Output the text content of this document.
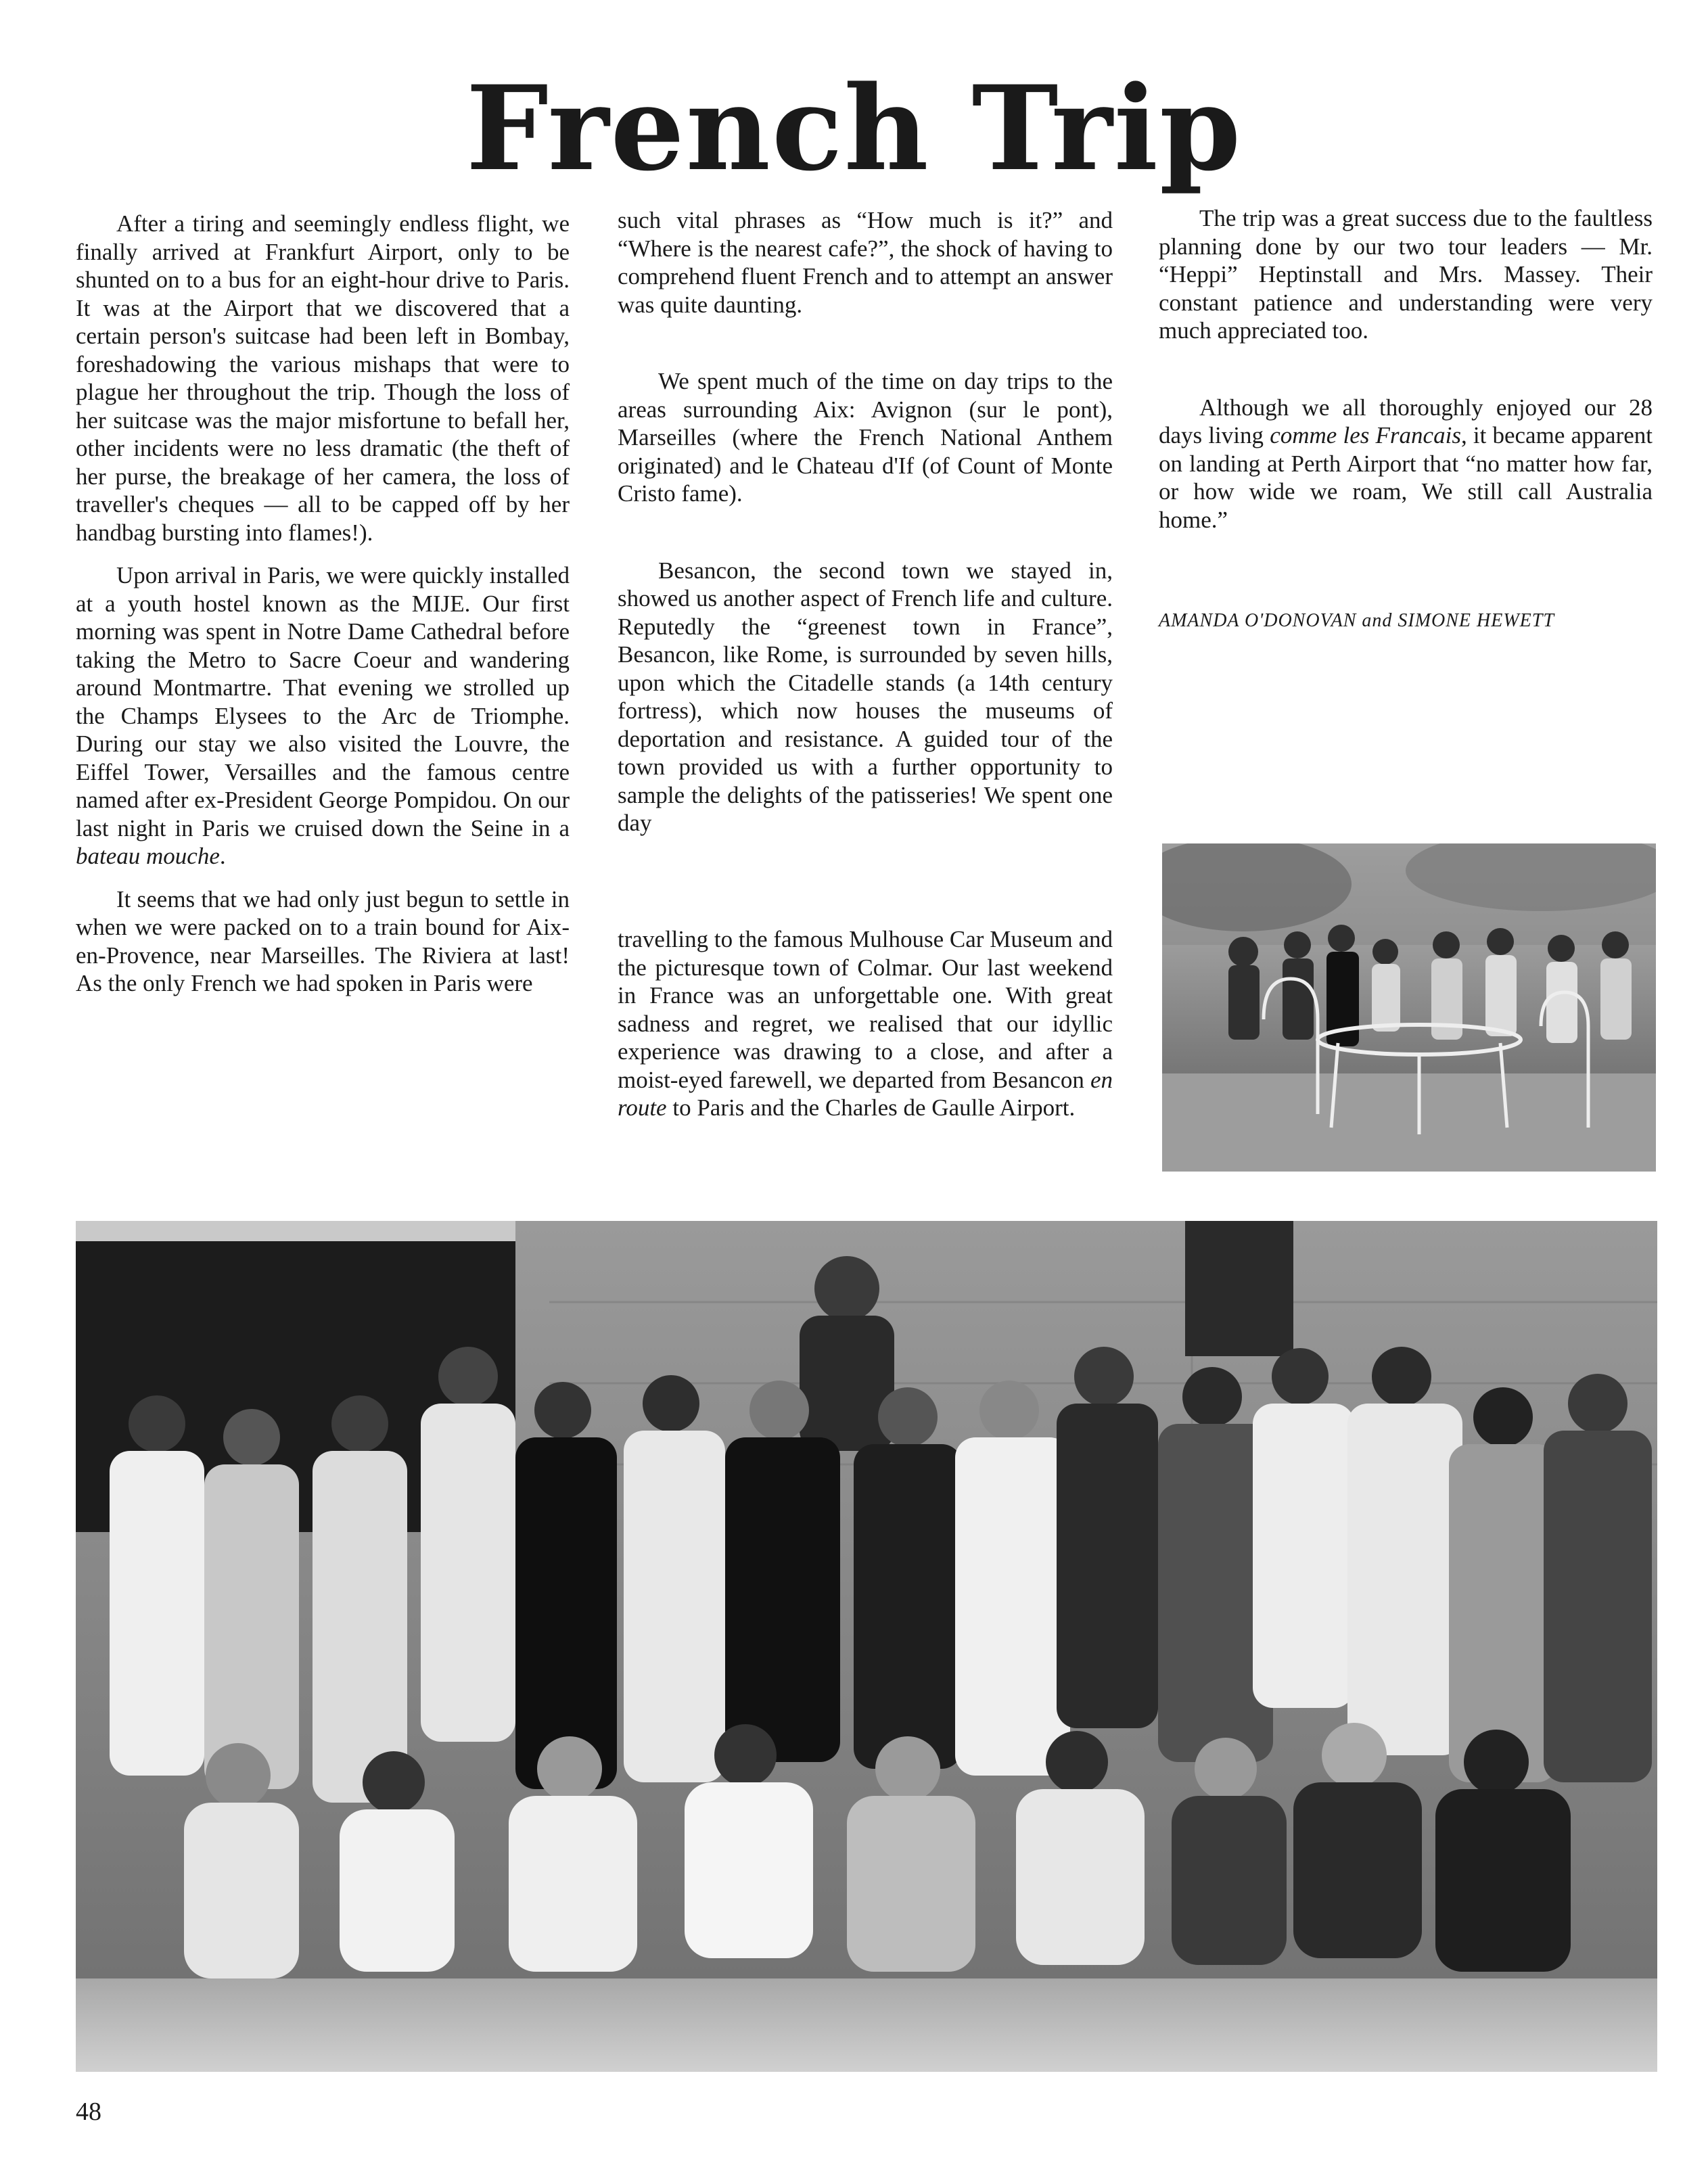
French Trip

After a tiring and seemingly endless flight, we finally arrived at Frankfurt Airport, only to be shunted on to a bus for an eight-hour drive to Paris. It was at the Airport that we discovered that a certain person's suitcase had been left in Bombay, foreshadowing the various mishaps that were to plague her throughout the trip. Though the loss of her suitcase was the major misfortune to befall her, other incidents were no less dramatic (the theft of her purse, the breakage of her camera, the loss of traveller's cheques — all to be capped off by her handbag bursting into flames!).

Upon arrival in Paris, we were quickly installed at a youth hostel known as the MIJE. Our first morning was spent in Notre Dame Cathedral before taking the Metro to Sacre Coeur and wandering around Montmartre. That evening we strolled up the Champs Elysees to the Arc de Triomphe. During our stay we also visited the Louvre, the Eiffel Tower, Versailles and the famous centre named after ex-President George Pompidou. On our last night in Paris we cruised down the Seine in a bateau mouche.

It seems that we had only just begun to settle in when we were packed on to a train bound for Aix-en-Provence, near Marseilles. The Riviera at last! As the only French we had spoken in Paris were

such vital phrases as “How much is it?” and “Where is the nearest cafe?”, the shock of having to comprehend fluent French and to attempt an answer was quite daunting.

We spent much of the time on day trips to the areas surrounding Aix: Avignon (sur le pont), Marseilles (where the French National Anthem originated) and le Chateau d'If (of Count of Monte Cristo fame).

Besancon, the second town we stayed in, showed us another aspect of French life and culture. Reputedly the “greenest town in France”, Besancon, like Rome, is surrounded by seven hills, upon which the Citadelle stands (a 14th century fortress), which now houses the museums of deportation and resistance. A guided tour of the town provided us with a further opportunity to sample the delights of the patisseries! We spent one day

travelling to the famous Mulhouse Car Museum and the picturesque town of Colmar. Our last weekend in France was an unforgettable one. With great sadness and regret, we realised that our idyllic experience was drawing to a close, and after a moist-eyed farewell, we departed from Besancon en route to Paris and the Charles de Gaulle Airport.

The trip was a great success due to the faultless planning done by our two tour leaders — Mr. “Heppi” Heptinstall and Mrs. Massey. Their constant patience and understanding were very much appreciated too.

Although we all thoroughly enjoyed our 28 days living comme les Francais, it became apparent on landing at Perth Airport that “no matter how far, or how wide we roam, We still call Australia home.”

AMANDA O'DONOVAN and SIMONE HEWETT
48
